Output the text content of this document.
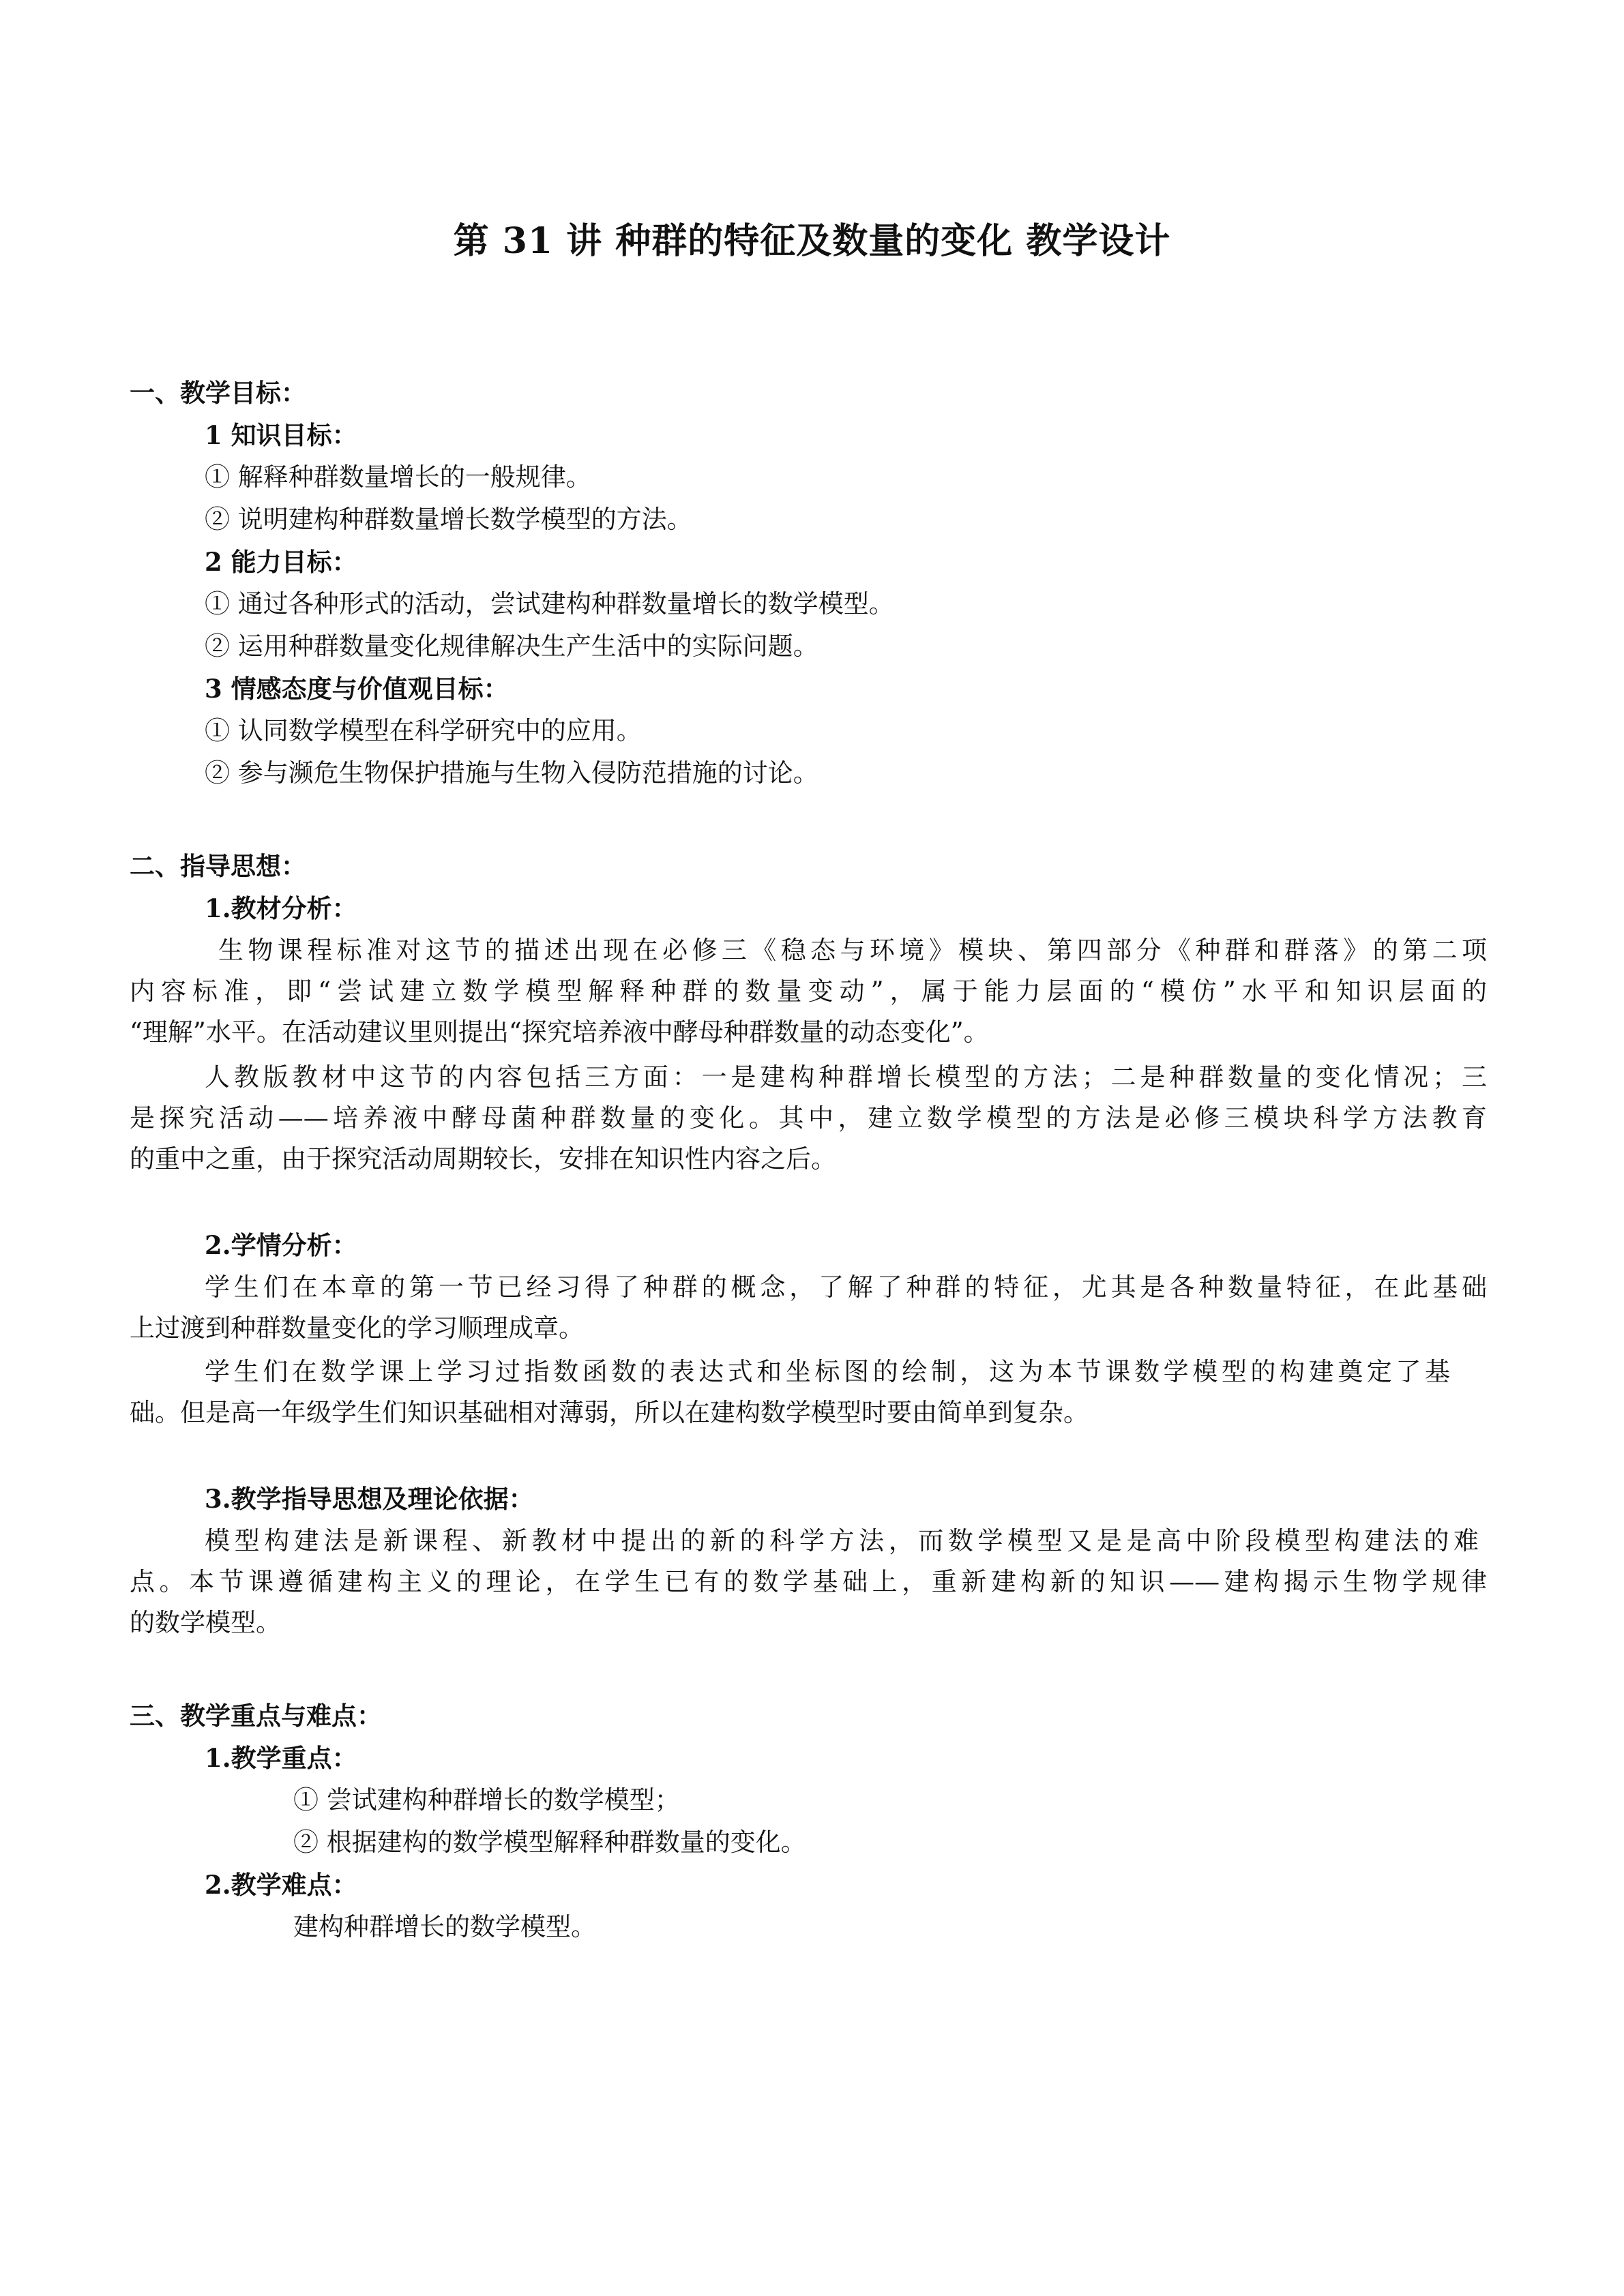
第 31 讲 种群的特征及数量的变化 教学设计
一、教学目标：
1 知识目标：
① 解释种群数量增长的一般规律。
② 说明建构种群数量增长数学模型的方法。
2 能力目标：
① 通过各种形式的活动，尝试建构种群数量增长的数学模型。
② 运用种群数量变化规律解决生产生活中的实际问题。
3 情感态度与价值观目标：
① 认同数学模型在科学研究中的应用。
② 参与濒危生物保护措施与生物入侵防范措施的讨论。
二、指导思想：
1.教材分析：
生物课程标准对这节的描述出现在必修三《稳态与环境》模块、第四部分《种群和群落》的第二项
内容标准，即“尝试建立数学模型解释种群的数量变动”，属于能力层面的“模仿”水平和知识层面的
“理解”水平。在活动建议里则提出“探究培养液中酵母种群数量的动态变化”。
人教版教材中这节的内容包括三方面：一是建构种群增长模型的方法；二是种群数量的变化情况；三
是探究活动——培养液中酵母菌种群数量的变化。其中，建立数学模型的方法是必修三模块科学方法教育
的重中之重，由于探究活动周期较长，安排在知识性内容之后。
2.学情分析：
学生们在本章的第一节已经习得了种群的概念，了解了种群的特征，尤其是各种数量特征，在此基础
上过渡到种群数量变化的学习顺理成章。
学生们在数学课上学习过指数函数的表达式和坐标图的绘制，这为本节课数学模型的构建奠定了基
础。但是高一年级学生们知识基础相对薄弱，所以在建构数学模型时要由简单到复杂。
3.教学指导思想及理论依据：
模型构建法是新课程、新教材中提出的新的科学方法，而数学模型又是是高中阶段模型构建法的难
点。本节课遵循建构主义的理论，在学生已有的数学基础上，重新建构新的知识——建构揭示生物学规律
的数学模型。
三、教学重点与难点：
1.教学重点：
① 尝试建构种群增长的数学模型；
② 根据建构的数学模型解释种群数量的变化。
2.教学难点：
建构种群增长的数学模型。
